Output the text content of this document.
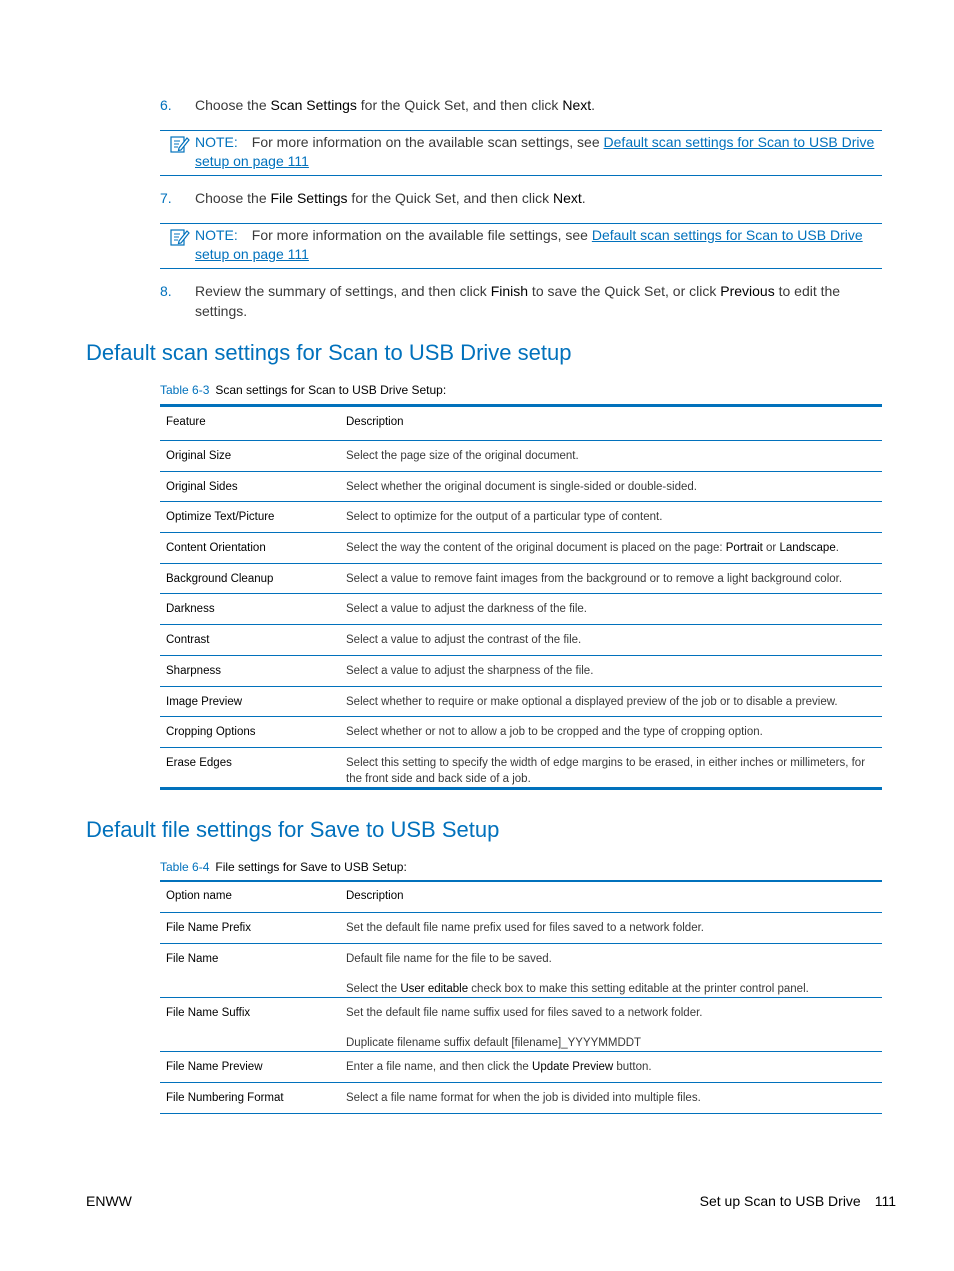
6. Choose the Scan Settings for the Quick Set, and then click Next.
NOTE: For more information on the available scan settings, see Default scan settings for Scan to USB Drive setup on page 111
7. Choose the File Settings for the Quick Set, and then click Next.
NOTE: For more information on the available file settings, see Default scan settings for Scan to USB Drive setup on page 111
8. Review the summary of settings, and then click Finish to save the Quick Set, or click Previous to edit the settings.
Default scan settings for Scan to USB Drive setup
Table 6-3 Scan settings for Scan to USB Drive Setup:
Feature	Description
Original Size	Select the page size of the original document.

Original Sides	Select whether the original document is single-sided or double-sided.

Optimize Text/Picture	Select to optimize for the output of a particular type of content.

Content Orientation	Select the way the content of the original document is placed on the page: Portrait or Landscape.

Background Cleanup	Select a value to remove faint images from the background or to remove a light background color.

Darkness	Select a value to adjust the darkness of the file.

Contrast	Select a value to adjust the contrast of the file.

Sharpness	Select a value to adjust the sharpness of the file.

Image Preview	Select whether to require or make optional a displayed preview of the job or to disable a preview.

Cropping Options	Select whether or not to allow a job to be cropped and the type of cropping option.

Erase Edges	Select this setting to specify the width of edge margins to be erased, in either inches or millimeters, for the front side and back side of a job.

Default file settings for Save to USB Setup
Table 6-4 File settings for Save to USB Setup:
Option name	Description
File Name Prefix	Set the default file name prefix used for files saved to a network folder.

File Name	Default file name for the file to be saved.

Select the User editable check box to make this setting editable at the printer control panel.

File Name Suffix	Set the default file name suffix used for files saved to a network folder.

Duplicate filename suffix default [filename]_YYYYMMDDT

File Name Preview	Enter a file name, and then click the Update Preview button.

File Numbering Format	Select a file name format for when the job is divided into multiple files.

ENWW	Set up Scan to USB Drive 111
